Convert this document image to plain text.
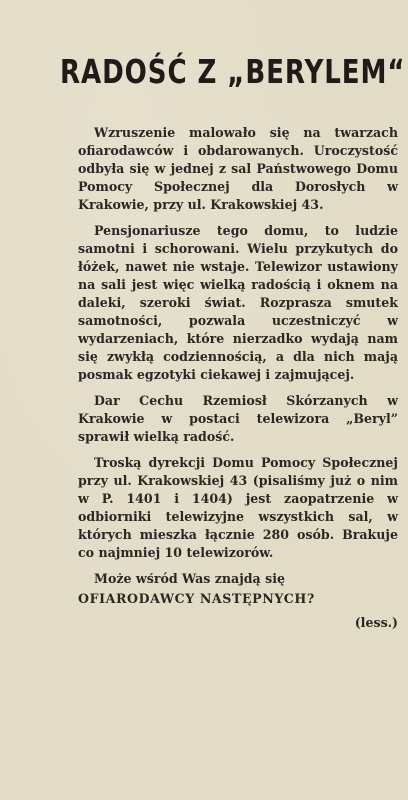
RADOŚĆ Z „BERYLEM“

Wzruszenie malowało się na twarzach ofiarodawców i obdarowanych. Uroczystość odbyła się w jednej z sal Państwowego Domu Pomocy Społecznej dla Dorosłych w Krakowie, przy ul. Krakowskiej 43.

Pensjonariusze tego domu, to ludzie samotni i schorowani. Wielu przykutych do łóżek, nawet nie wstaje. Telewizor ustawiony na sali jest więc wielką radością i oknem na daleki, szeroki świat. Rozprasza smutek samotności, pozwala uczestniczyć w wydarzeniach, które nierzadko wydają nam się zwykłą codziennością, a dla nich mają posmak egzotyki ciekawej i zajmującej.

Dar Cechu Rzemiosł Skórzanych w Krakowie w postaci telewizora „Beryl” sprawił wielką radość.

Troską dyrekcji Domu Pomocy Społecznej przy ul. Krakowskiej 43 (pisaliśmy już o nim w P. 1401 i 1404) jest zaopatrzenie w odbiorniki telewizyjne wszystkich sal, w których mieszka łącznie 280 osób. Brakuje co najmniej 10 telewizorów.

Może wśród Was znajdą się

OFIARODAWCY NASTĘPNYCH?

(less.)
